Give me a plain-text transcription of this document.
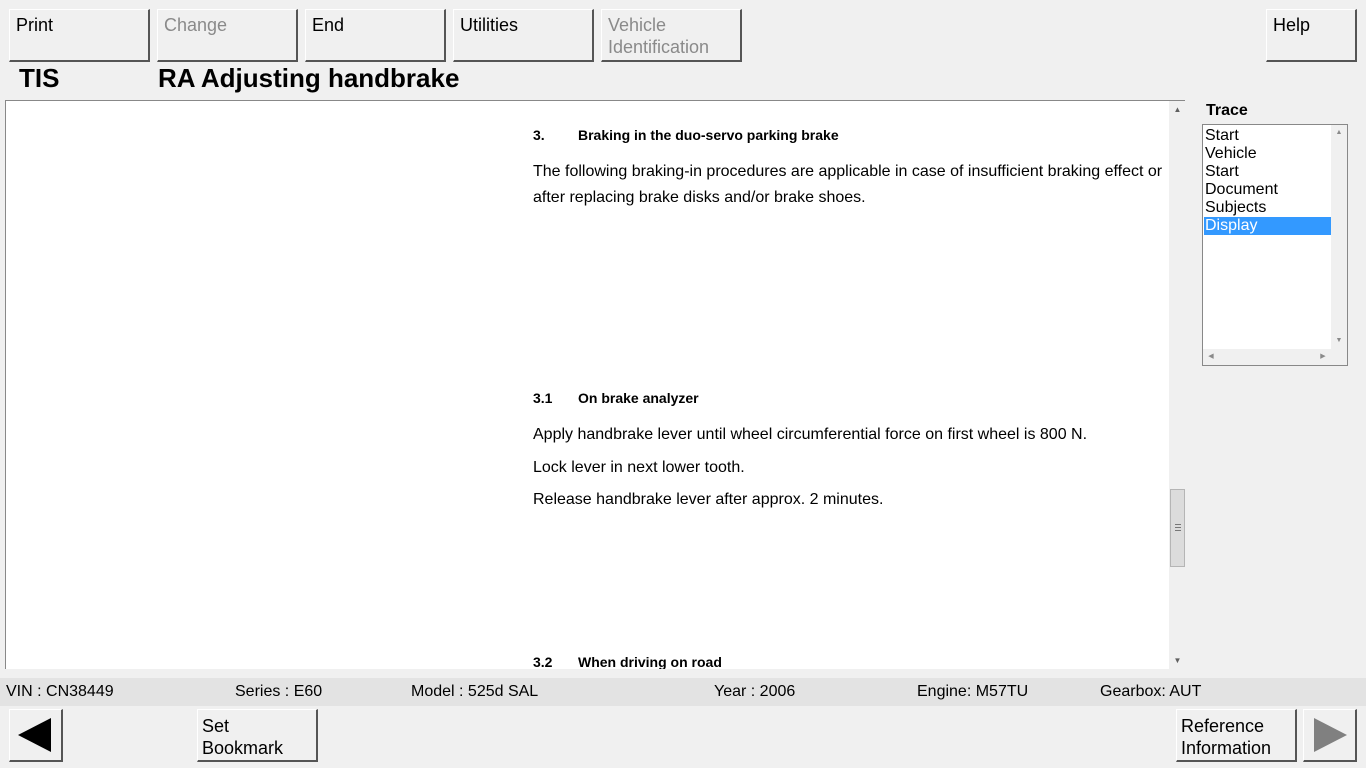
Print	Change	End	Utilities	Vehicle
Identification
Help
TIS	RA Adjusting handbrake
3. Braking in the duo-servo parking brake
The following braking-in procedures are applicable in case of insufficient braking effect or
after replacing brake disks and/or brake shoes.
3.1 On brake analyzer
Apply handbrake lever until wheel circumferential force on first wheel is 800 N.
Lock lever in next lower tooth.
Release handbrake lever after approx. 2 minutes.
3.2 When driving on road
▲
▼
Trace
Start
Vehicle
Start
Document
Subjects
Display
▲
▼
◀	▶
VIN : CN38449	Series : E60	Model : 525d SAL	Year : 2006	Engine: M57TU	Gearbox: AUT
Set
Bookmark
Reference
Information
